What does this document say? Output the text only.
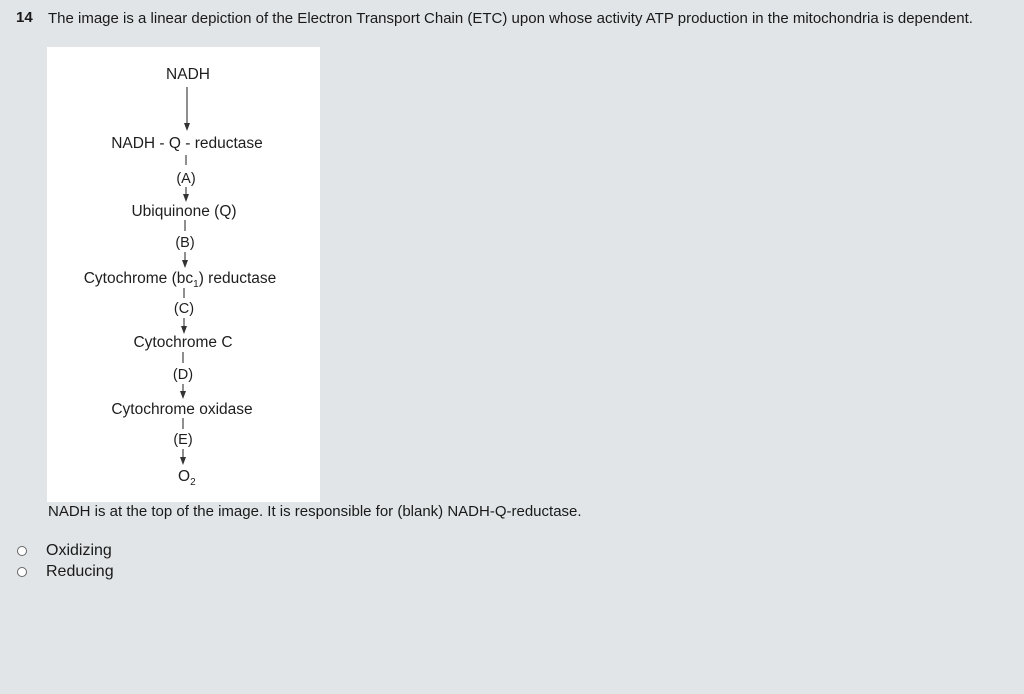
14 The image is a linear depiction of the Electron Transport Chain (ETC) upon whose activity ATP production in the mitochondria is dependent.
NADH
NADH - Q - reductase
(A)
Ubiquinone (Q)
(B)
Cytochrome $(bc_1)$ reductase
(C)
Cytochrome C
(D)
Cytochrome oxidase
(E)
$O_2$
NADH is at the top of the image. It is responsible for (blank) NADH-Q-reductase.
Oxidizing
Reducing
